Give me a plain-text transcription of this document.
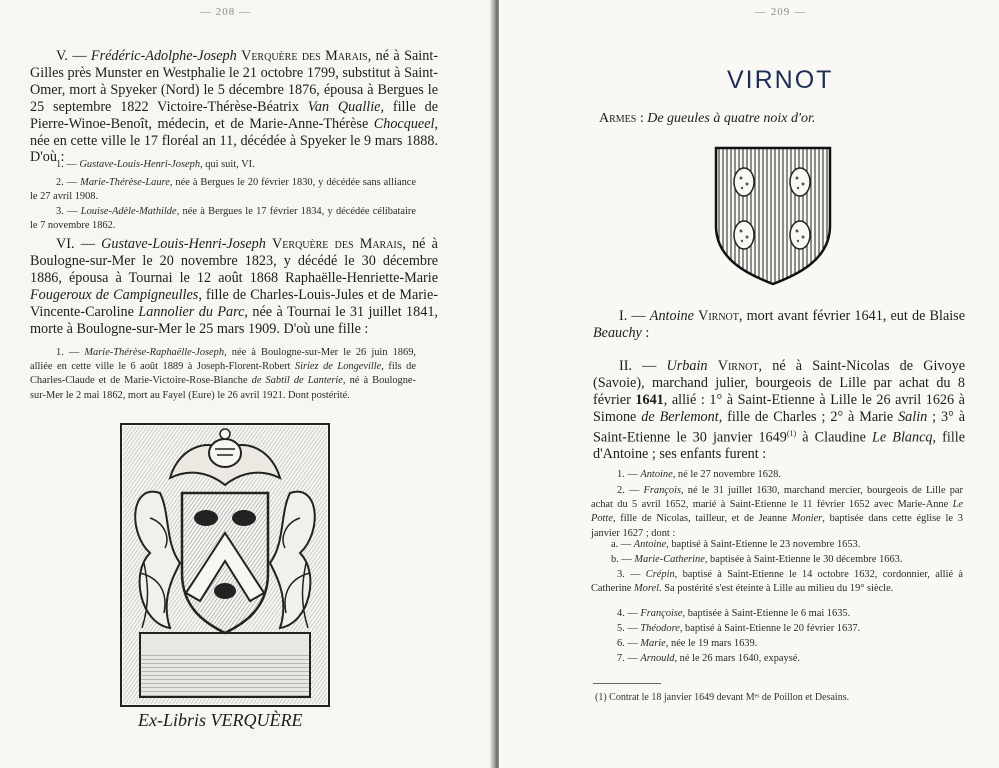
— 208 —
V. — Frédéric-Adolphe-Joseph Verquère des Marais, né à Saint-Gilles près Munster en Westphalie le 21 octobre 1799, substitut à Saint-Omer, mort à Spyeker (Nord) le 5 décembre 1876, épousa à Bergues le 25 septembre 1822 Victoire-Thérèse-Béatrix Van Quallie, fille de Pierre-Winoe-Benoît, médecin, et de Marie-Anne-Thérèse Chocqueel, née en cette ville le 17 floréal an 11, décédée à Spyeker le 9 mars 1888. D'où :
1. — Gustave-Louis-Henri-Joseph, qui suit, VI.
2. — Marie-Thérèse-Laure, née à Bergues le 20 février 1830, y décédée sans alliance le 27 avril 1908.
3. — Louise-Adèle-Mathilde, née à Bergues le 17 février 1834, y décédée célibataire le 7 novembre 1862.
VI. — Gustave-Louis-Henri-Joseph Verquère des Marais, né à Boulogne-sur-Mer le 20 novembre 1823, y décédé le 30 décembre 1886, épousa à Tournai le 12 août 1868 Raphaëlle-Henriette-Marie Fougeroux de Campigneulles, fille de Charles-Louis-Jules et de Marie-Vincente-Caroline Lannolier du Parc, née à Tournai le 31 juillet 1841, morte à Boulogne-sur-Mer le 25 mars 1909. D'où une fille :
1. — Marie-Thérèse-Raphaëlle-Joseph, née à Boulogne-sur-Mer le 26 juin 1869, alliée en cette ville le 6 août 1889 à Joseph-Florent-Robert Siriez de Longeville, fils de Charles-Claude et de Marie-Victoire-Rose-Blanche de Sabtil de Lanterie, né à Boulogne-sur-Mer le 2 mai 1862, mort au Fayel (Eure) le 26 avril 1921. Dont postérité.
Ex-Libris VERQUÈRE
— 209 —
VIRNOT
Armes : De gueules à quatre noix d'or.
I. — Antoine Virnot, mort avant février 1641, eut de Blaise Beauchy :
II. — Urbain Virnot, né à Saint-Nicolas de Givoye (Savoie), marchand julier, bourgeois de Lille par achat du 8 février 1641, allié : 1° à Saint-Etienne à Lille le 26 avril 1626 à Simone de Berlemont, fille de Charles ; 2° à Marie Salin ; 3° à Saint-Etienne le 30 janvier 1649$^{(1)}$ à Claudine Le Blancq, fille d'Antoine ; ses enfants furent :
1. — Antoine, né le 27 novembre 1628.
2. — François, né le 31 juillet 1630, marchand mercier, bourgeois de Lille par achat du 5 avril 1652, marié à Saint-Etienne le 11 février 1652 avec Marie-Anne Le Potte, fille de Nicolas, tailleur, et de Jeanne Monier, baptisée dans cette église le 3 janvier 1627 ; dont :
a. — Antoine, baptisé à Saint-Etienne le 23 novembre 1653.
b. — Marie-Catherine, baptisée à Saint-Etienne le 30 décembre 1663.
3. — Crépin, baptisé à Saint-Etienne le 14 octobre 1632, cordonnier, allié à Catherine Morel. Sa postérité s'est éteinte à Lille au milieu du 19° siècle.
4. — Françoise, baptisée à Saint-Etienne le 6 mai 1635.
5. — Théodore, baptisé à Saint-Etienne le 20 février 1637.
6. — Marie, née le 19 mars 1639.
7. — Arnould, né le 26 mars 1640, expaysé.
(1) Contrat le 18 janvier 1649 devant Mᵉˢ de Poillon et Desains.
